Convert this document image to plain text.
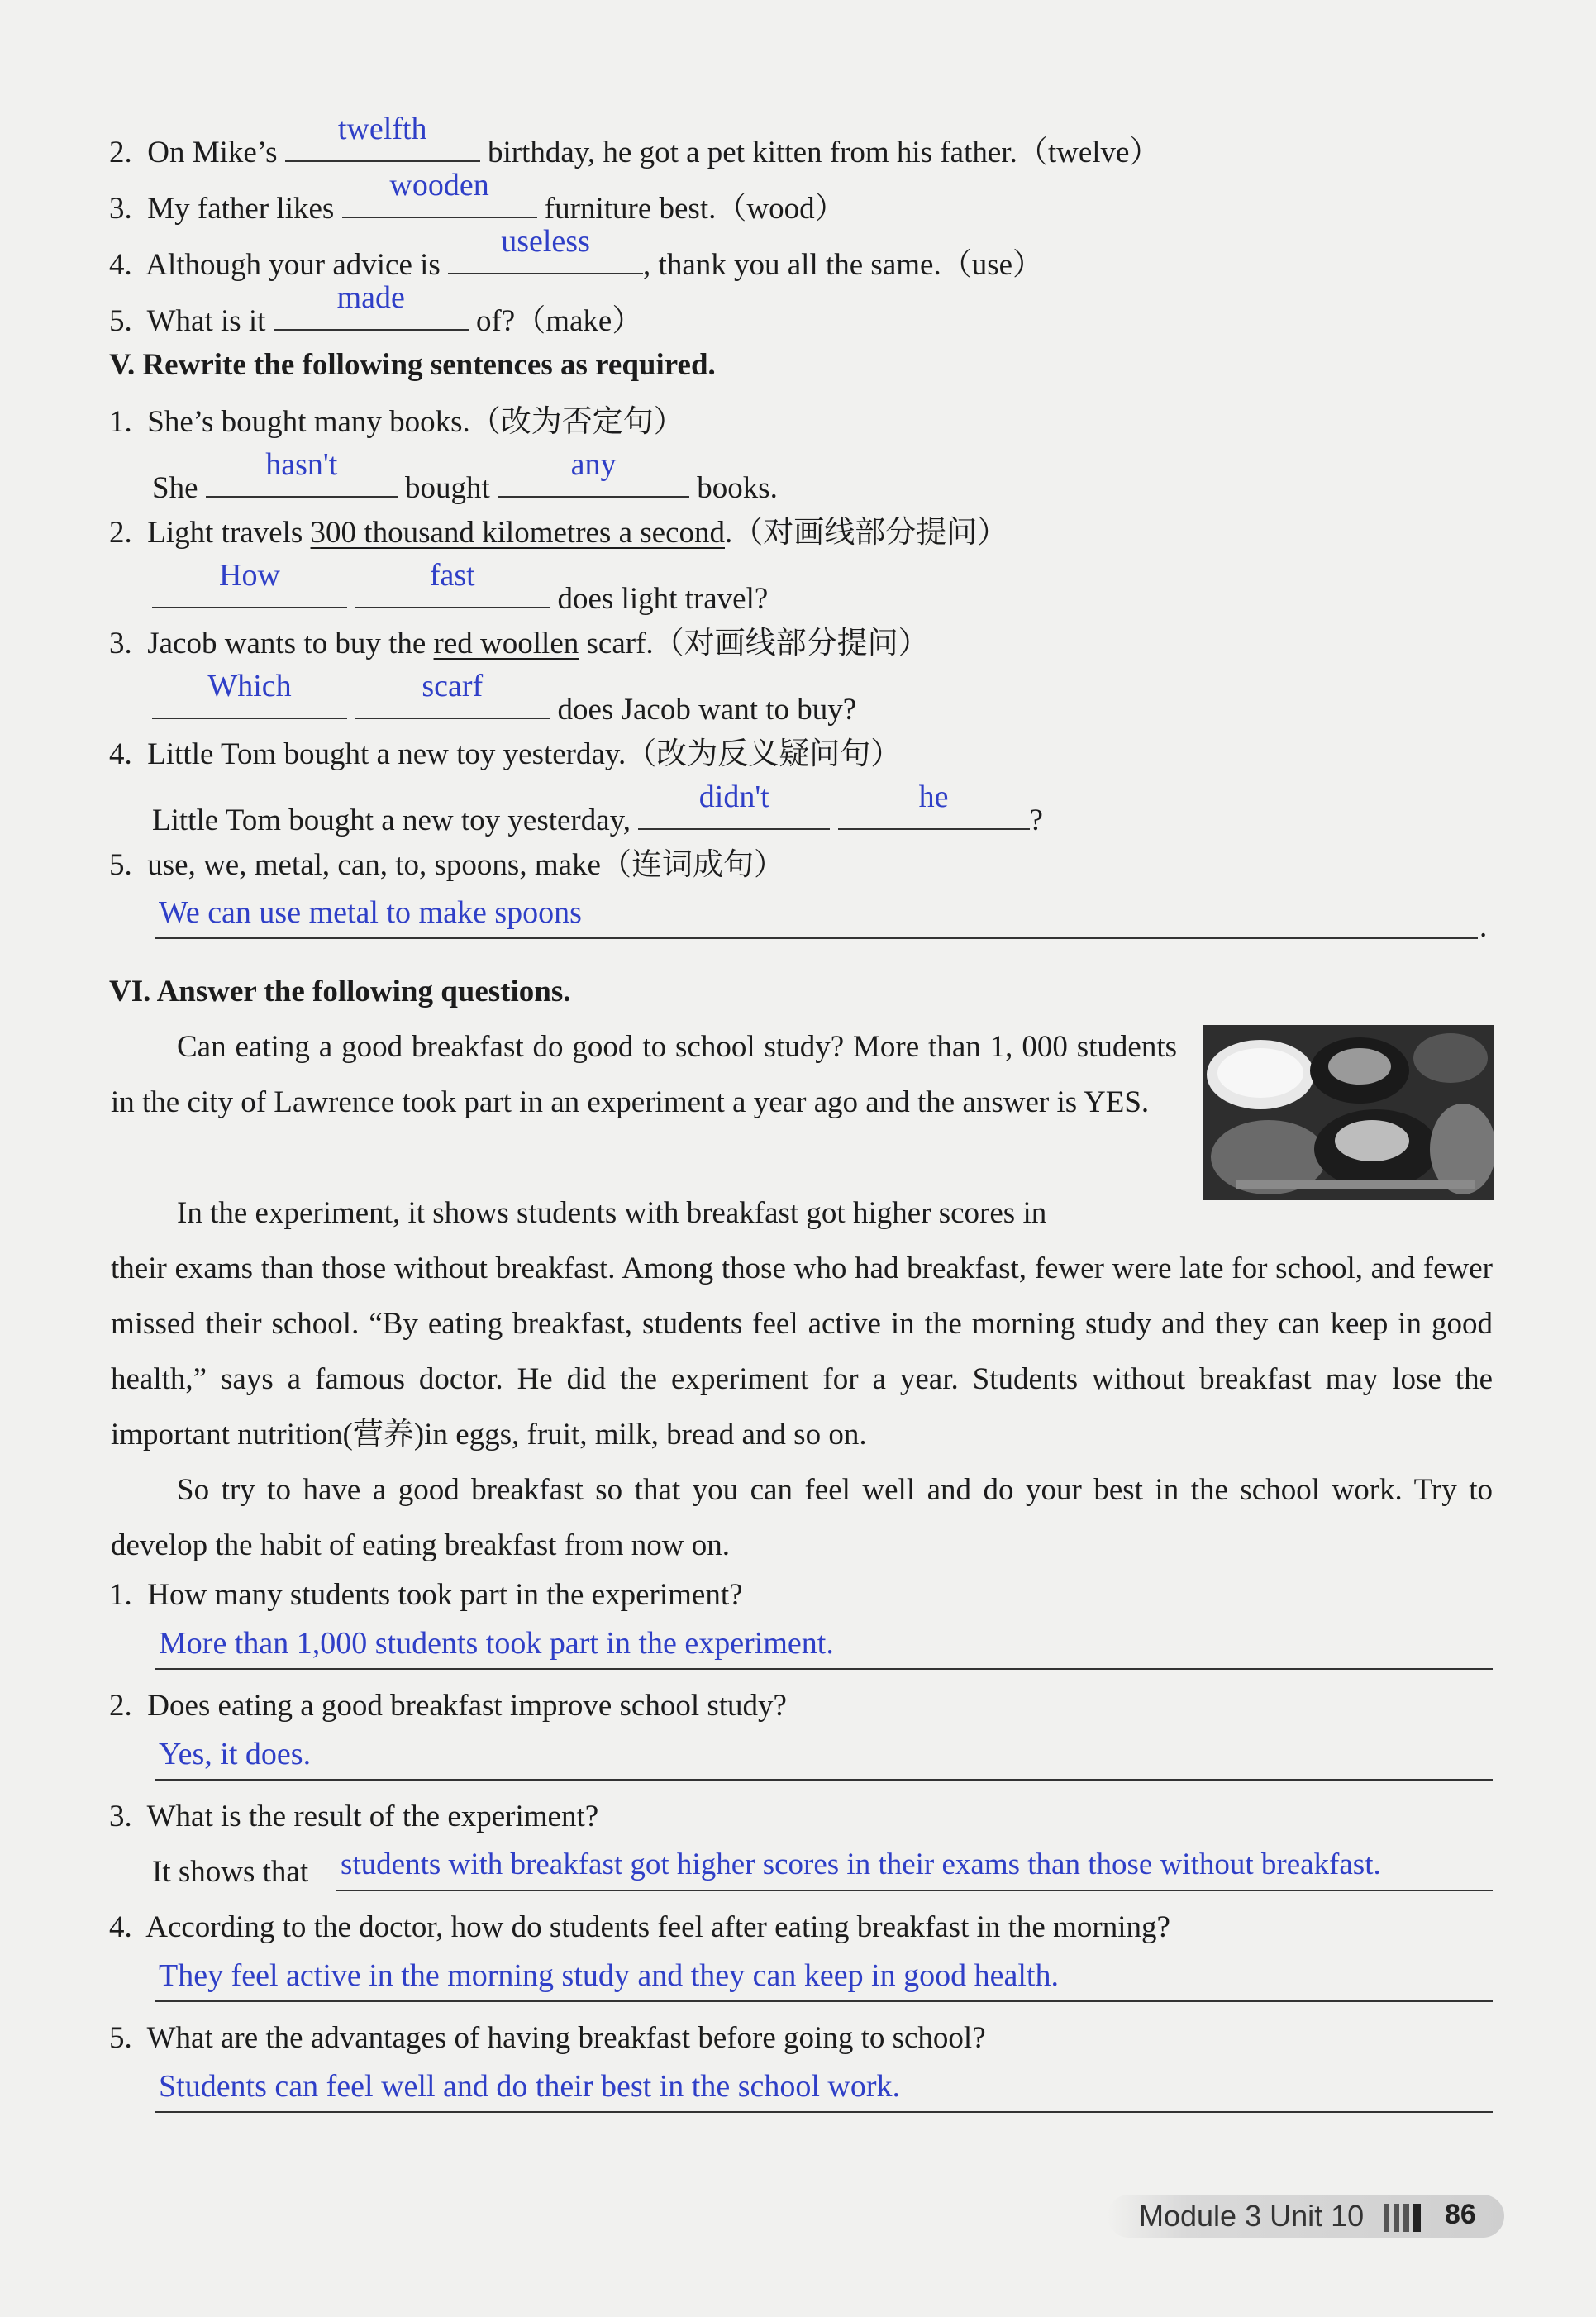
2. On Mike’s
twelfth
birthday, he got a pet kitten from his father.（twelve）
3. My father likes
wooden
furniture best.（wood）
4. Although your advice is
useless
, thank you all the same.（use）
5. What is it
made
of?（make）
V. Rewrite the following sentences as required.
1. She’s bought many books.（改为否定句）
She
hasn't
bought
any
books.
2. Light travels 300 thousand kilometres a second.（对画线部分提问）
How
	fast
does light travel?
3. Jacob wants to buy the red woollen scarf.（对画线部分提问）
Which
	scarf
does Jacob want to buy?
4. Little Tom bought a new toy yesterday.（改为反义疑问句）
Little Tom bought a new toy yesterday,
didn't
	he
?
5. use, we, metal, can, to, spoons, make（连词成句）
We can use metal to make spoons	.
VI. Answer the following questions.
Can eating a good breakfast do good to school study? More than 1, 000 students in the city of Lawrence took part in an experiment a year ago and the answer is YES.
In the experiment, it shows students with breakfast got higher scores in
their exams than those without breakfast. Among those who had breakfast, fewer were late for school, and fewer missed their school. “By eating breakfast, students feel active in the morning study and they can keep in good health,” says a famous doctor. He did the experiment for a year. Students without breakfast may lose the important nutrition(营养)in eggs, fruit, milk, bread and so on.
So try to have a good breakfast so that you can feel well and do your best in the school work. Try to develop the habit of eating breakfast from now on.
1. How many students took part in the experiment?
More than 1,000 students took part in the experiment.
2. Does eating a good breakfast improve school study?
Yes, it does.
3. What is the result of the experiment?
It shows that students with breakfast got higher scores in their exams than those without breakfast.
4. According to the doctor, how do students feel after eating breakfast in the morning?
They feel active in the morning study and they can keep in good health.
5. What are the advantages of having breakfast before going to school?
Students can feel well and do their best in the school work.
Module 3 Unit 10	86
